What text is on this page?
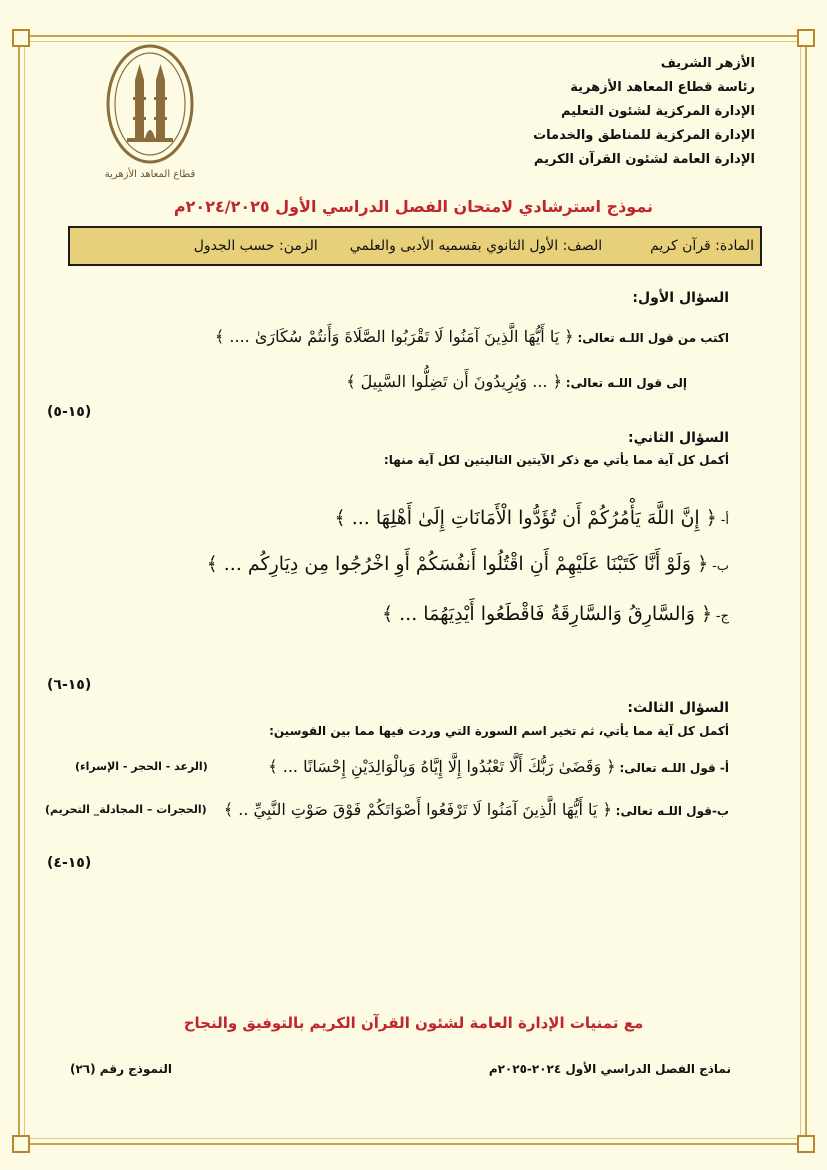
قطاع المعاهد الأزهرية
الأزهر الشريف
رئاسة قطاع المعاهد الأزهرية
الإدارة المركزية لشئون التعليم
الإدارة المركزية للمناطق والخدمات
الإدارة العامة لشئون القرآن الكريم
نموذج استرشادي لامتحان الفصل الدراسي الأول ٢٠٢٤/٢٠٢٥م
المادة: قرآن كريم
الصف: الأول الثانوي بقسميه الأدبى والعلمي
الزمن: حسب الجدول
السؤال الأول:
اكتب من قول اللـه تعالى: ﴿ يَا أَيُّهَا الَّذِينَ آمَنُوا لَا تَقْرَبُوا الصَّلَاةَ وَأَنتُمْ سُكَارَىٰ .... ﴾
إلى قول اللـه تعالى: ﴿ ... وَيُرِيدُونَ أَن تَضِلُّوا السَّبِيلَ ﴾
(١٥-٥)
السؤال الثاني:
أكمل كل آية مما يأتي مع ذكر الآيتين التاليتين لكل آية منها:
أ- ﴿ إِنَّ اللَّهَ يَأْمُرُكُمْ أَن تُؤَدُّوا الْأَمَانَاتِ إِلَىٰ أَهْلِهَا ... ﴾
ب- ﴿ وَلَوْ أَنَّا كَتَبْنَا عَلَيْهِمْ أَنِ اقْتُلُوا أَنفُسَكُمْ أَوِ اخْرُجُوا مِن دِيَارِكُم ... ﴾
ج- ﴿ وَالسَّارِقُ وَالسَّارِقَةُ فَاقْطَعُوا أَيْدِيَهُمَا ... ﴾
(١٥-٦)
السؤال الثالث:
أكمل كل آية مما يأتي، ثم تخير اسم السورة التي وردت فيها مما بين القوسين:
أ- قول اللـه تعالى: ﴿ وَقَضَىٰ رَبُّكَ أَلَّا تَعْبُدُوا إِلَّا إِيَّاهُ وَبِالْوَالِدَيْنِ إِحْسَانًا ... ﴾
(الرعد - الحجر - الإسراء)
ب-قول اللـه تعالى: ﴿ يَا أَيُّهَا الَّذِينَ آمَنُوا لَا تَرْفَعُوا أَصْوَاتَكُمْ فَوْقَ صَوْتِ النَّبِيِّ .. ﴾
(الحجرات – المجادلة_ التحريم)
(١٥-٤)
مع تمنيات الإدارة العامة لشئون القرآن الكريم بالتوفيق والنجاح
نماذج الفصل الدراسي الأول ٢٠٢٤-٢٠٢٥م
النموذج رقم (٢٦)
